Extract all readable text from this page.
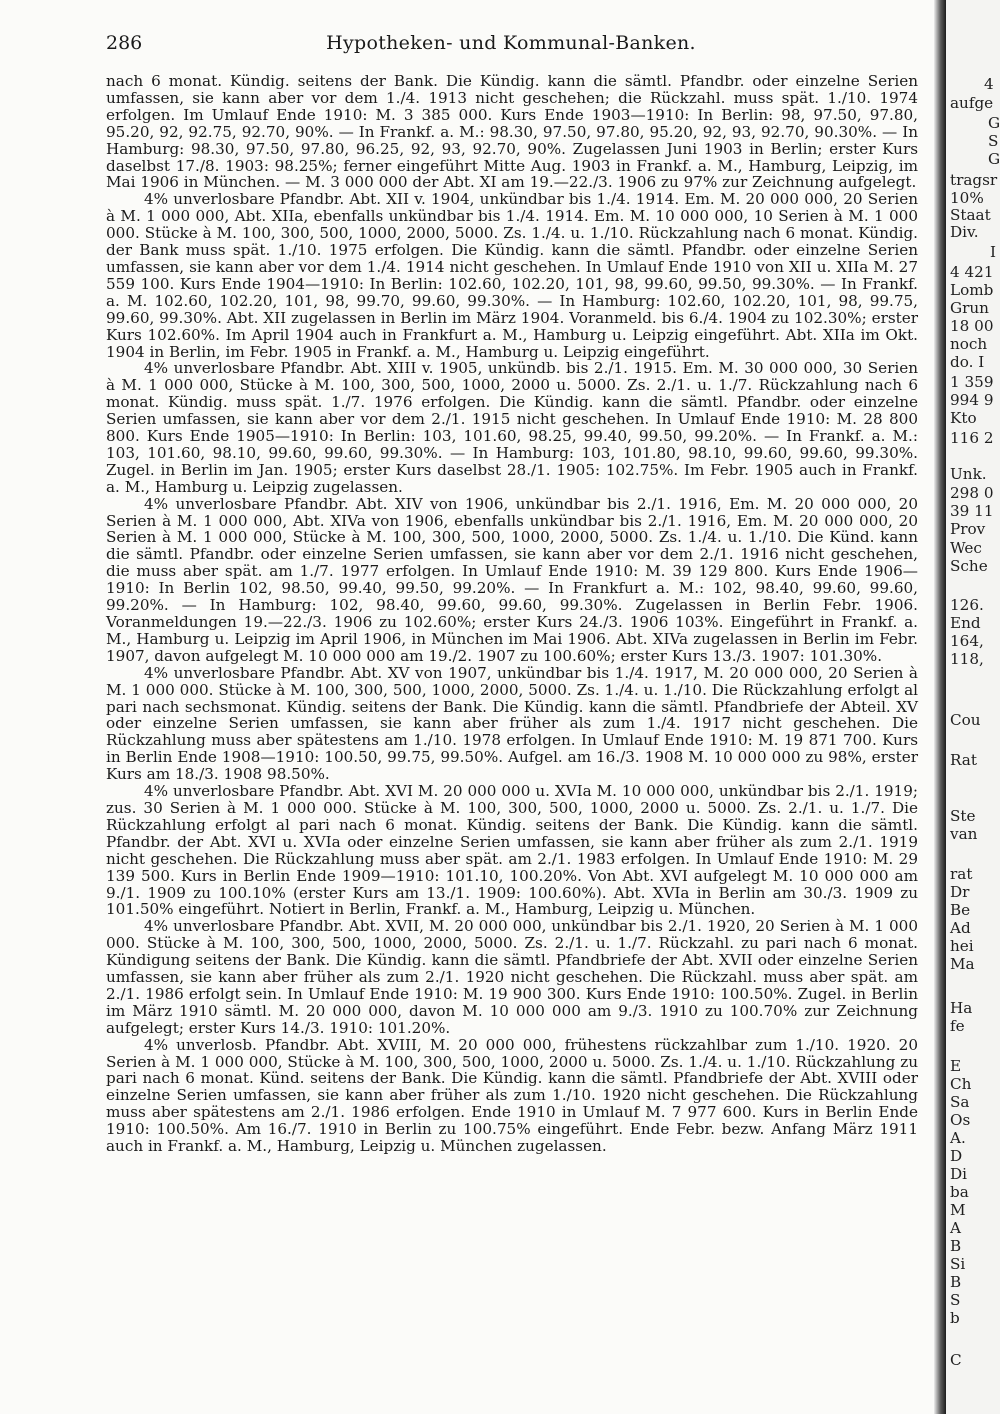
286	Hypotheken- und Kommunal-Banken.

nach 6 monat. Kündig. seitens der Bank. Die Kündig. kann die sämtl. Pfandbr. oder einzelne Serien umfassen, sie kann aber vor dem 1./4. 1913 nicht geschehen; die Rückzahl. muss spät. 1./10. 1974 erfolgen. Im Umlauf Ende 1910: M. 3 385 000. Kurs Ende 1903—1910: In Berlin: 98, 97.50, 97.80, 95.20, 92, 92.75, 92.70, 90%. — In Frankf. a. M.: 98.30, 97.50, 97.80, 95.20, 92, 93, 92.70, 90.30%. — In Hamburg: 98.30, 97.50, 97.80, 96.25, 92, 93, 92.70, 90%. Zugelassen Juni 1903 in Berlin; erster Kurs daselbst 17./8. 1903: 98.25%; ferner eingeführt Mitte Aug. 1903 in Frankf. a. M., Hamburg, Leipzig, im Mai 1906 in München. — M. 3 000 000 der Abt. XI am 19.—22./3. 1906 zu 97% zur Zeichnung aufgelegt.

4% unverlosbare Pfandbr. Abt. XII v. 1904, unkündbar bis 1./4. 1914. Em. M. 20 000 000, 20 Serien à M. 1 000 000, Abt. XIIa, ebenfalls unkündbar bis 1./4. 1914. Em. M. 10 000 000, 10 Serien à M. 1 000 000. Stücke à M. 100, 300, 500, 1000, 2000, 5000. Zs. 1./4. u. 1./10. Rückzahlung nach 6 monat. Kündig. der Bank muss spät. 1./10. 1975 erfolgen. Die Kündig. kann die sämtl. Pfandbr. oder einzelne Serien umfassen, sie kann aber vor dem 1./4. 1914 nicht geschehen. In Umlauf Ende 1910 von XII u. XIIa M. 27 559 100. Kurs Ende 1904—1910: In Berlin: 102.60, 102.20, 101, 98, 99.60, 99.50, 99.30%. — In Frankf. a. M. 102.60, 102.20, 101, 98, 99.70, 99.60, 99.30%. — In Hamburg: 102.60, 102.20, 101, 98, 99.75, 99.60, 99.30%. Abt. XII zugelassen in Berlin im März 1904. Voranmeld. bis 6./4. 1904 zu 102.30%; erster Kurs 102.60%. Im April 1904 auch in Frankfurt a. M., Hamburg u. Leipzig eingeführt. Abt. XIIa im Okt. 1904 in Berlin, im Febr. 1905 in Frankf. a. M., Hamburg u. Leipzig eingeführt.

4% unverlosbare Pfandbr. Abt. XIII v. 1905, unkündb. bis 2./1. 1915. Em. M. 30 000 000, 30 Serien à M. 1 000 000, Stücke à M. 100, 300, 500, 1000, 2000 u. 5000. Zs. 2./1. u. 1./7. Rückzahlung nach 6 monat. Kündig. muss spät. 1./7. 1976 erfolgen. Die Kündig. kann die sämtl. Pfandbr. oder einzelne Serien umfassen, sie kann aber vor dem 2./1. 1915 nicht geschehen. In Umlauf Ende 1910: M. 28 800 800. Kurs Ende 1905—1910: In Berlin: 103, 101.60, 98.25, 99.40, 99.50, 99.20%. — In Frankf. a. M.: 103, 101.60, 98.10, 99.60, 99.60, 99.30%. — In Hamburg: 103, 101.80, 98.10, 99.60, 99.60, 99.30%. Zugel. in Berlin im Jan. 1905; erster Kurs daselbst 28./1. 1905: 102.75%. Im Febr. 1905 auch in Frankf. a. M., Hamburg u. Leipzig zugelassen.

4% unverlosbare Pfandbr. Abt. XIV von 1906, unkündbar bis 2./1. 1916, Em. M. 20 000 000, 20 Serien à M. 1 000 000, Abt. XIVa von 1906, ebenfalls unkündbar bis 2./1. 1916, Em. M. 20 000 000, 20 Serien à M. 1 000 000, Stücke à M. 100, 300, 500, 1000, 2000, 5000. Zs. 1./4. u. 1./10. Die Künd. kann die sämtl. Pfandbr. oder einzelne Serien umfassen, sie kann aber vor dem 2./1. 1916 nicht geschehen, die muss aber spät. am 1./7. 1977 erfolgen. In Umlauf Ende 1910: M. 39 129 800. Kurs Ende 1906—1910: In Berlin 102, 98.50, 99.40, 99.50, 99.20%. — In Frankfurt a. M.: 102, 98.40, 99.60, 99.60, 99.20%. — In Hamburg: 102, 98.40, 99.60, 99.60, 99.30%. Zugelassen in Berlin Febr. 1906. Voranmeldungen 19.—22./3. 1906 zu 102.60%; erster Kurs 24./3. 1906 103%. Eingeführt in Frankf. a. M., Hamburg u. Leipzig im April 1906, in München im Mai 1906. Abt. XIVa zugelassen in Berlin im Febr. 1907, davon aufgelegt M. 10 000 000 am 19./2. 1907 zu 100.60%; erster Kurs 13./3. 1907: 101.30%.

4% unverlosbare Pfandbr. Abt. XV von 1907, unkündbar bis 1./4. 1917, M. 20 000 000, 20 Serien à M. 1 000 000. Stücke à M. 100, 300, 500, 1000, 2000, 5000. Zs. 1./4. u. 1./10. Die Rückzahlung erfolgt al pari nach sechsmonat. Kündig. seitens der Bank. Die Kündig. kann die sämtl. Pfandbriefe der Abteil. XV oder einzelne Serien umfassen, sie kann aber früher als zum 1./4. 1917 nicht geschehen. Die Rückzahlung muss aber spätestens am 1./10. 1978 erfolgen. In Umlauf Ende 1910: M. 19 871 700. Kurs in Berlin Ende 1908—1910: 100.50, 99.75, 99.50%. Aufgel. am 16./3. 1908 M. 10 000 000 zu 98%, erster Kurs am 18./3. 1908 98.50%.

4% unverlosbare Pfandbr. Abt. XVI M. 20 000 000 u. XVIa M. 10 000 000, unkündbar bis 2./1. 1919; zus. 30 Serien à M. 1 000 000. Stücke à M. 100, 300, 500, 1000, 2000 u. 5000. Zs. 2./1. u. 1./7. Die Rückzahlung erfolgt al pari nach 6 monat. Kündig. seitens der Bank. Die Kündig. kann die sämtl. Pfandbr. der Abt. XVI u. XVIa oder einzelne Serien umfassen, sie kann aber früher als zum 2./1. 1919 nicht geschehen. Die Rückzahlung muss aber spät. am 2./1. 1983 erfolgen. In Umlauf Ende 1910: M. 29 139 500. Kurs in Berlin Ende 1909—1910: 101.10, 100.20%. Von Abt. XVI aufgelegt M. 10 000 000 am 9./1. 1909 zu 100.10% (erster Kurs am 13./1. 1909: 100.60%). Abt. XVIa in Berlin am 30./3. 1909 zu 101.50% eingeführt. Notiert in Berlin, Frankf. a. M., Hamburg, Leipzig u. München.

4% unverlosbare Pfandbr. Abt. XVII, M. 20 000 000, unkündbar bis 2./1. 1920, 20 Serien à M. 1 000 000. Stücke à M. 100, 300, 500, 1000, 2000, 5000. Zs. 2./1. u. 1./7. Rückzahl. zu pari nach 6 monat. Kündigung seitens der Bank. Die Kündig. kann die sämtl. Pfandbriefe der Abt. XVII oder einzelne Serien umfassen, sie kann aber früher als zum 2./1. 1920 nicht geschehen. Die Rückzahl. muss aber spät. am 2./1. 1986 erfolgt sein. In Umlauf Ende 1910: M. 19 900 300. Kurs Ende 1910: 100.50%. Zugel. in Berlin im März 1910 sämtl. M. 20 000 000, davon M. 10 000 000 am 9./3. 1910 zu 100.70% zur Zeichnung aufgelegt; erster Kurs 14./3. 1910: 101.20%.

4% unverlosb. Pfandbr. Abt. XVIII, M. 20 000 000, frühestens rückzahlbar zum 1./10. 1920. 20 Serien à M. 1 000 000, Stücke à M. 100, 300, 500, 1000, 2000 u. 5000. Zs. 1./4. u. 1./10. Rückzahlung zu pari nach 6 monat. Künd. seitens der Bank. Die Kündig. kann die sämtl. Pfandbriefe der Abt. XVIII oder einzelne Serien umfassen, sie kann aber früher als zum 1./10. 1920 nicht geschehen. Die Rückzahlung muss aber spätestens am 2./1. 1986 erfolgen. Ende 1910 in Umlauf M. 7 977 600. Kurs in Berlin Ende 1910: 100.50%. Am 16./7. 1910 in Berlin zu 100.75% eingeführt. Ende Febr. bezw. Anfang März 1911 auch in Frankf. a. M., Hamburg, Leipzig u. München zugelassen.

4
aufge
G
S
G
tragsr
10%
Staat
Div.
I
4 421
Lomb
Grun
18 00
noch
do. I
1 359
994 9
Kto
116 2
Unk.
298 0
39 11
Prov
Wec
Sche
126.
End
164,
118,
Cou
Rat
Ste
van
rat
Dr
Be
Ad
hei
Ma
Ha
fe
E
Ch
Sa
Os
A.
D
Di
ba
M
A
B
Si
B
S
b
C
